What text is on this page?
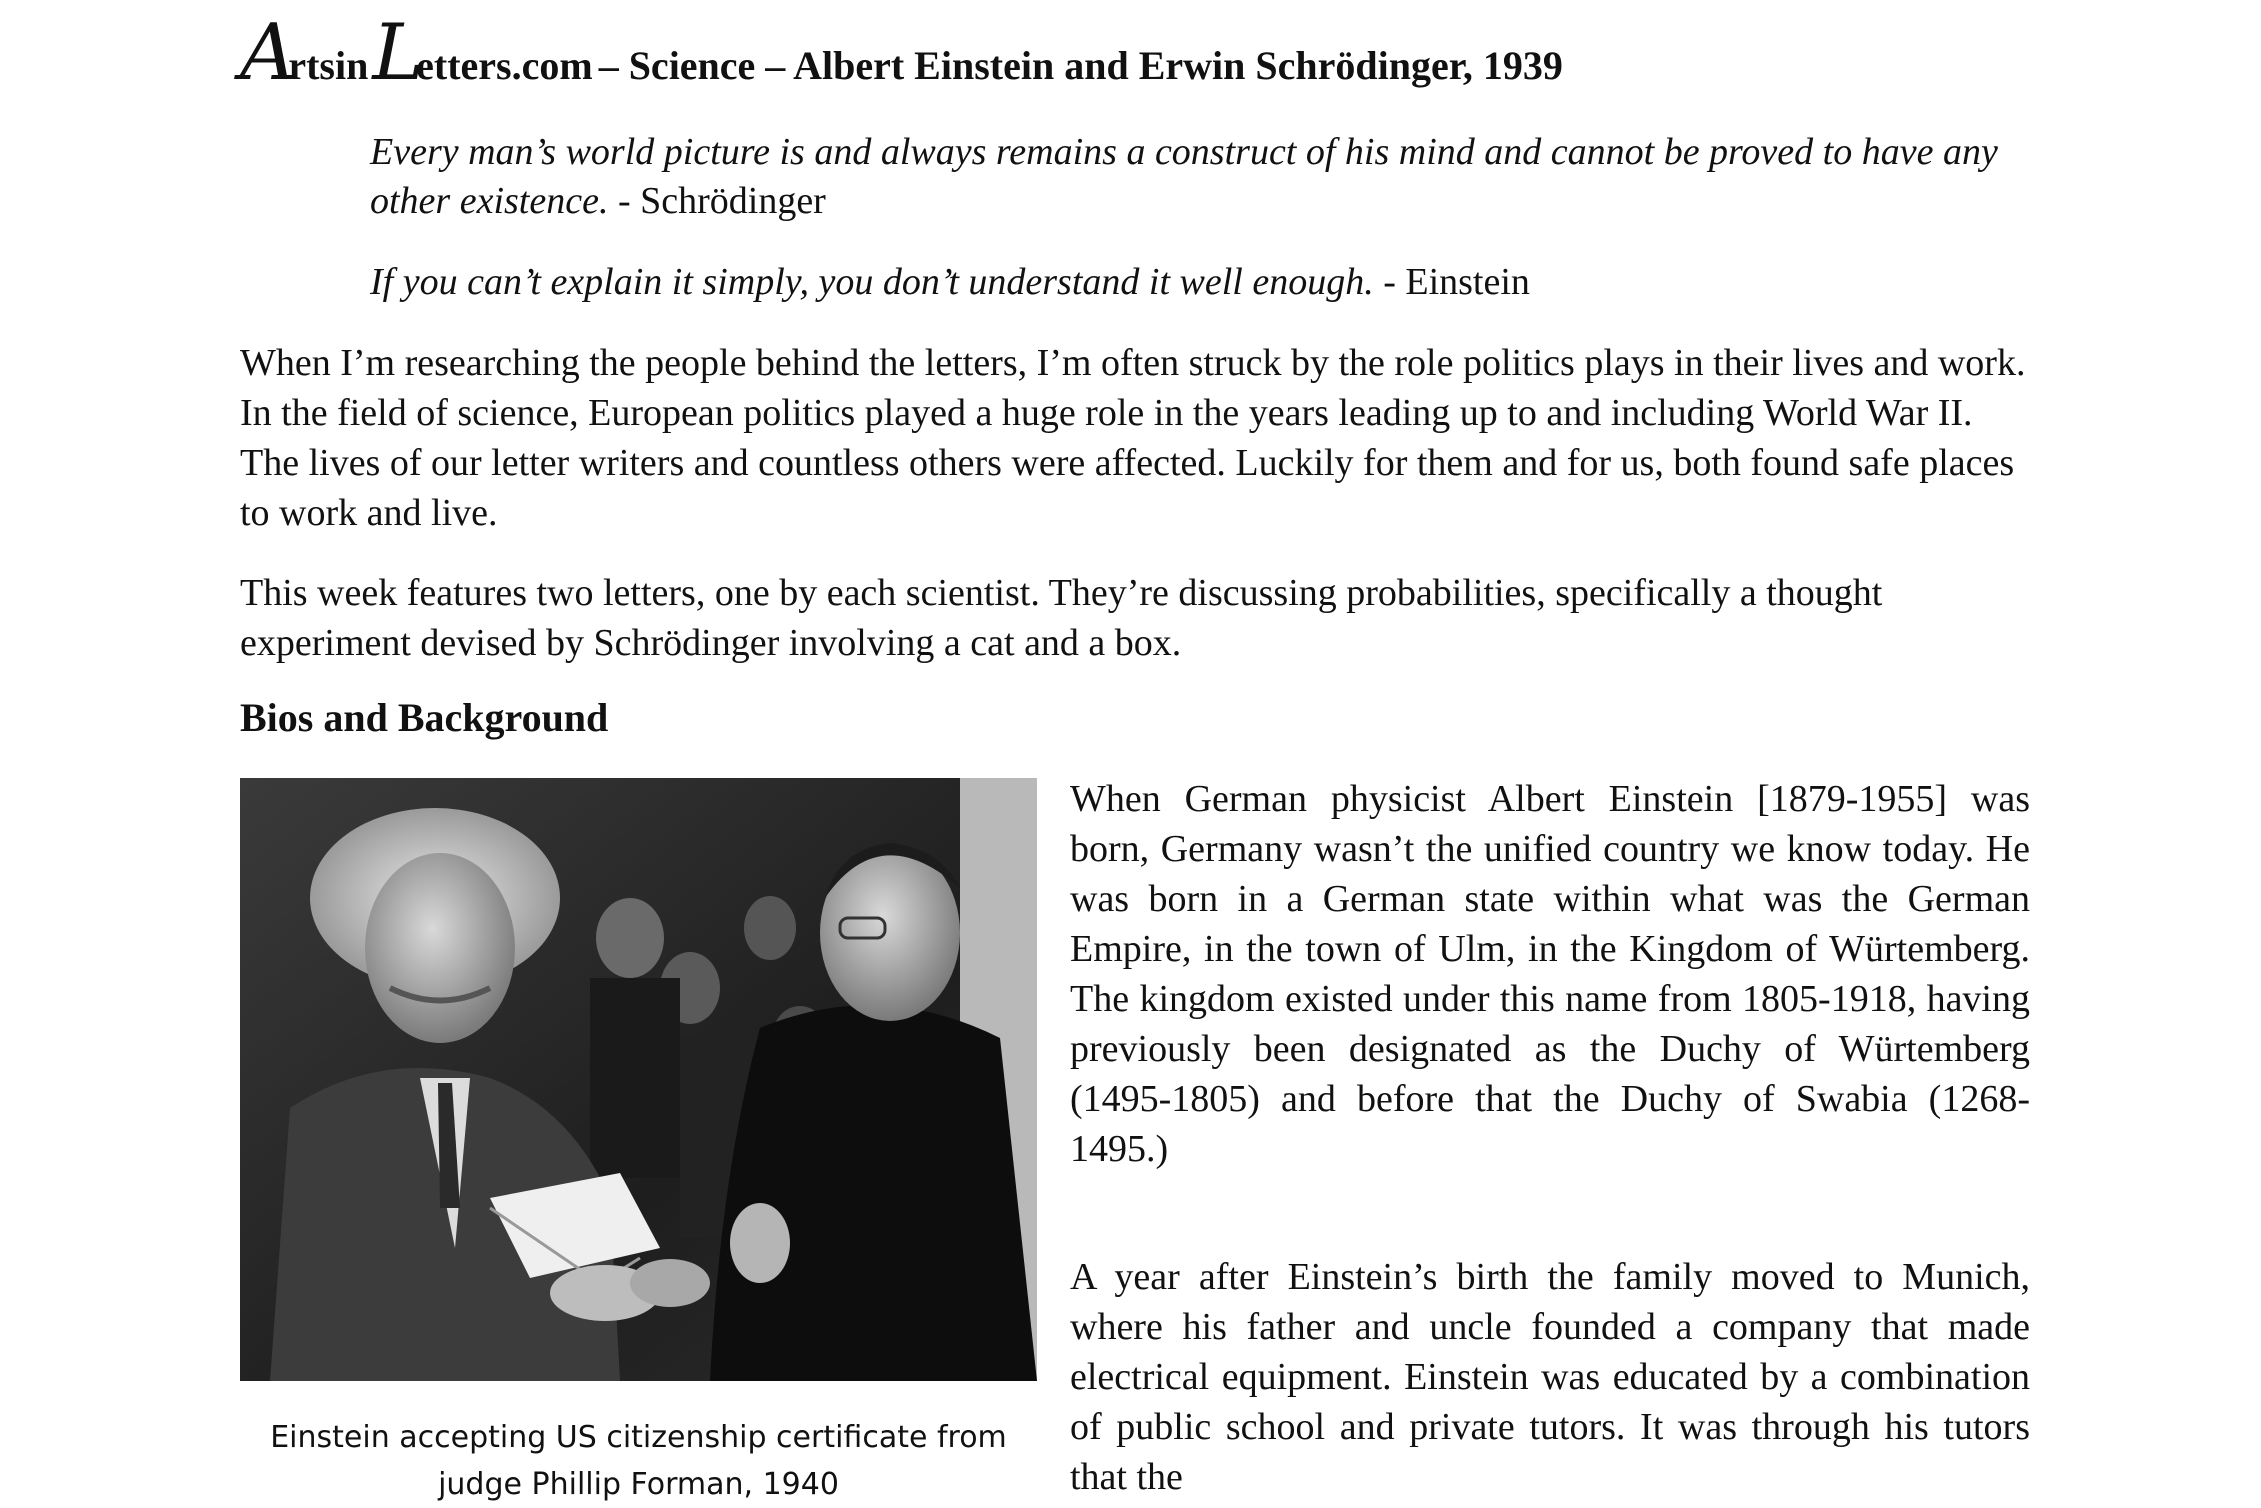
A
rtsin L
etters.com – Science – Albert Einstein and Erwin Schrödinger, 1939
Every man’s world picture is and always remains a construct of his mind and cannot be proved to have any other existence. - Schrödinger
If you can’t explain it simply, you don’t understand it well enough. - Einstein

When I’m researching the people behind the letters, I’m often struck by the role politics plays in their lives and work. In the field of science, European politics played a huge role in the years leading up to and including World War II. The lives of our letter writers and countless others were affected. Luckily for them and for us, both found safe places to work and live.

This week features two letters, one by each scientist. They’re discussing probabilities, specifically a thought experiment devised by Schrödinger involving a cat and a box.

Bios and Background
Einstein accepting US citizenship certificate from judge Phillip Forman, 1940

When German physicist Albert Einstein [1879-1955] was born, Germany wasn’t the unified country we know today. He was born in a German state within what was the German Empire, in the town of Ulm, in the Kingdom of Würtemberg. The kingdom existed under this name from 1805-1918, having previously been designated as the Duchy of Würtemberg (1495-1805) and before that the Duchy of Swabia (1268-1495.)

A year after Einstein’s birth the family moved to Munich, where his father and uncle founded a company that made electrical equipment. Einstein was educated by a combination of public school and private tutors. It was through his tutors that the
